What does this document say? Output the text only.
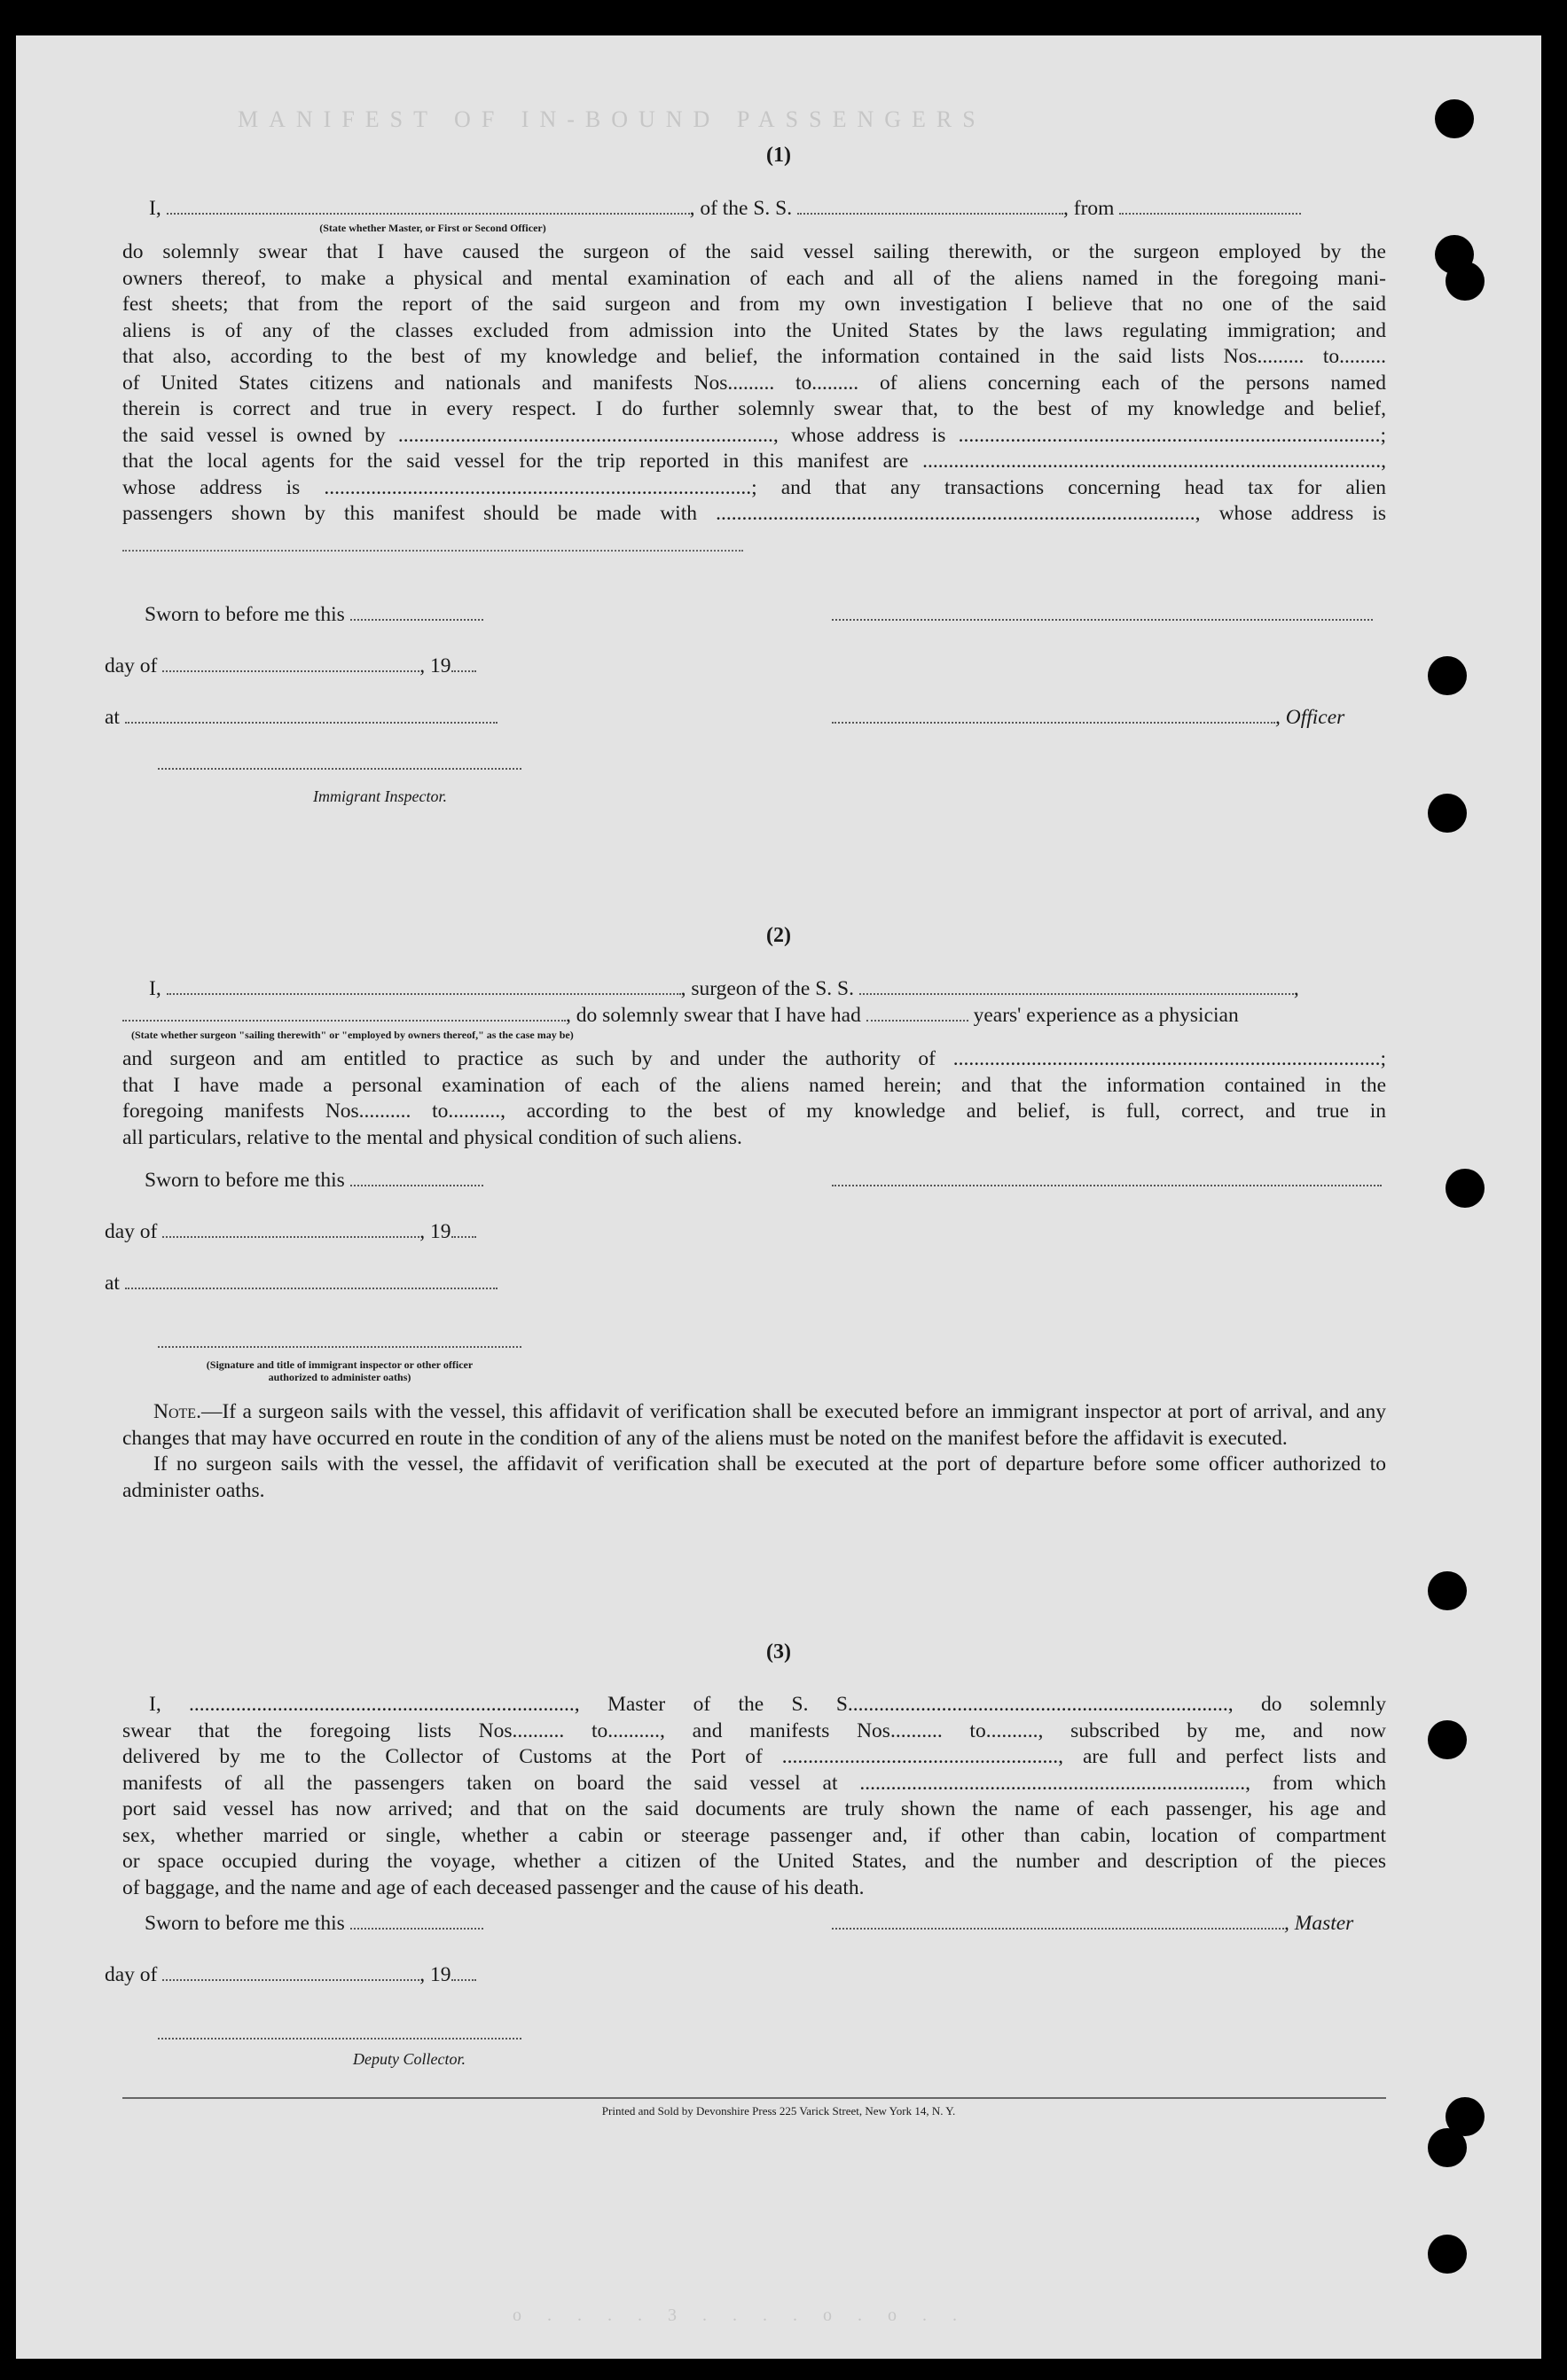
MANIFEST OF IN-BOUND PASSENGERS
o . . . . 3 . . . . o . o . .
(1)
I,	, of the S. S.	, from
(State whether Master, or First or Second Officer)
do solemnly swear that I have caused the surgeon of the said vessel sailing therewith, or the surgeon employed by the
owners thereof, to make a physical and mental examination of each and all of the aliens named in the foregoing mani-
fest sheets; that from the report of the said surgeon and from my own investigation I believe that no one of the said
aliens is of any of the classes excluded from admission into the United States by the laws regulating immigration; and
that also, according to the best of my knowledge and belief, the information contained in the said lists Nos......... to.........
of United States citizens and nationals and manifests Nos......... to......... of aliens concerning each of the persons named
therein is correct and true in every respect. I do further solemnly swear that, to the best of my knowledge and belief,
the said vessel is owned by ........................................................................, whose address is .................................................................................;
that the local agents for the said vessel for the trip reported in this manifest are ........................................................................................,
whose address is ..................................................................................; and that any transactions concerning head tax for alien
passengers shown by this manifest should be made with ............................................................................................, whose address is
Sworn to before me this
day of	, 19
at	, Officer
Immigrant Inspector.
(2)
I,	, surgeon of the S. S.	,
, do solemnly swear that I have had	years' experience as a physician
(State whether surgeon "sailing therewith" or "employed by owners thereof," as the case may be)
and surgeon and am entitled to practice as such by and under the authority of ..................................................................................;
that I have made a personal examination of each of the aliens named herein; and that the information contained in the
foregoing manifests Nos.......... to.........., according to the best of my knowledge and belief, is full, correct, and true in
all particulars, relative to the mental and physical condition of such aliens.
Sworn to before me this
day of	, 19
at
(Signature and title of immigrant inspector or other officer authorized to administer oaths)
Note.—If a surgeon sails with the vessel, this affidavit of verification shall be executed before an immigrant inspector at port of arrival, and any changes that may have occurred en route in the condition of any of the aliens must be noted on the manifest before the affidavit is executed.
If no surgeon sails with the vessel, the affidavit of verification shall be executed at the port of departure before some officer authorized to administer oaths.
(3)
I, .........................................................................., Master of the S. S........................................................................., do solemnly
swear that the foregoing lists Nos.......... to.........., and manifests Nos.......... to.........., subscribed by me, and now
delivered by me to the Collector of Customs at the Port of ....................................................., are full and perfect lists and
manifests of all the passengers taken on board the said vessel at .........................................................................., from which
port said vessel has now arrived; and that on the said documents are truly shown the name of each passenger, his age and
sex, whether married or single, whether a cabin or steerage passenger and, if other than cabin, location of compartment
or space occupied during the voyage, whether a citizen of the United States, and the number and description of the pieces
of baggage, and the name and age of each deceased passenger and the cause of his death.
Sworn to before me this	, Master
day of	, 19
Deputy Collector.
Printed and Sold by Devonshire Press 225 Varick Street, New York 14, N. Y.
